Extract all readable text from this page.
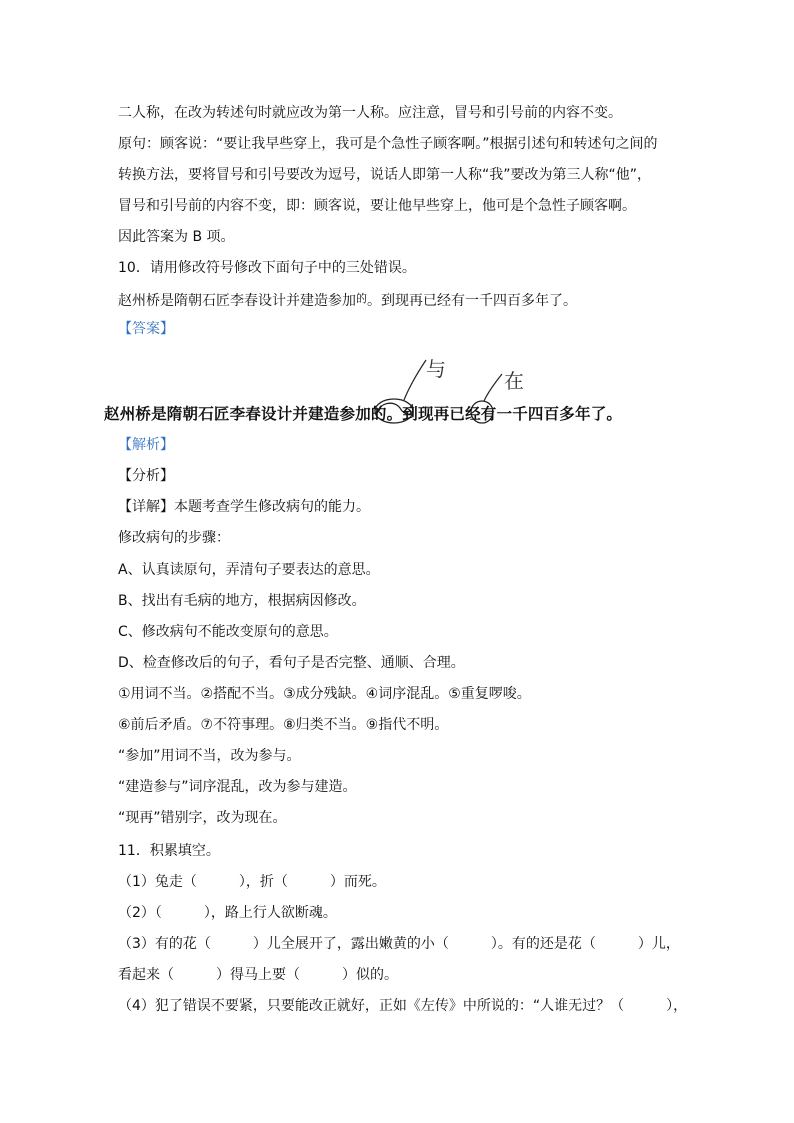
二人称，在改为转述句时就应改为第一人称。应注意，冒号和引号前的内容不变。
原句：顾客说：“要让我早些穿上，我可是个急性子顾客啊。”根据引述句和转述句之间的
转换方法，要将冒号和引号要改为逗号，说话人即第一人称“我”要改为第三人称“他”，
冒号和引号前的内容不变，即：顾客说，要让他早些穿上，他可是个急性子顾客啊。
因此答案为 B 项。
10．请用修改符号修改下面句子中的三处错误。
赵州桥是隋朝石匠李春设计并建造参加$^的$。到现再已经有一千四百多年了。
【答案】
与	在
赵州桥是隋朝石匠李春设计并建造参加的。到现再已经有一千四百多年了。
【解析】
【分析】
【详解】本题考查学生修改病句的能力。
修改病句的步骤：
A、认真读原句，弄清句子要表达的意思。
B、找出有毛病的地方，根据病因修改。
C、修改病句不能改变原句的意思。
D、检查修改后的句子，看句子是否完整、通顺、合理。
①用词不当。②搭配不当。③成分残缺。④词序混乱。⑤重复啰唆。
⑥前后矛盾。⑦不符事理。⑧归类不当。⑨指代不明。
“参加”用词不当，改为参与。
“建造参与”词序混乱，改为参与建造。
“现再”错别字，改为现在。
11．积累填空。
（1）兔走（　　　），折（　　　）而死。
（2）（　　　），路上行人欲断魂。
（3）有的花（　　　）儿全展开了，露出嫩黄的小（　　　）。有的还是花（　　　）儿，
看起来（　　　）得马上要（　　　）似的。
（4）犯了错误不要紧，只要能改正就好，正如《左传》中所说的：“人谁无过？（　　　），
